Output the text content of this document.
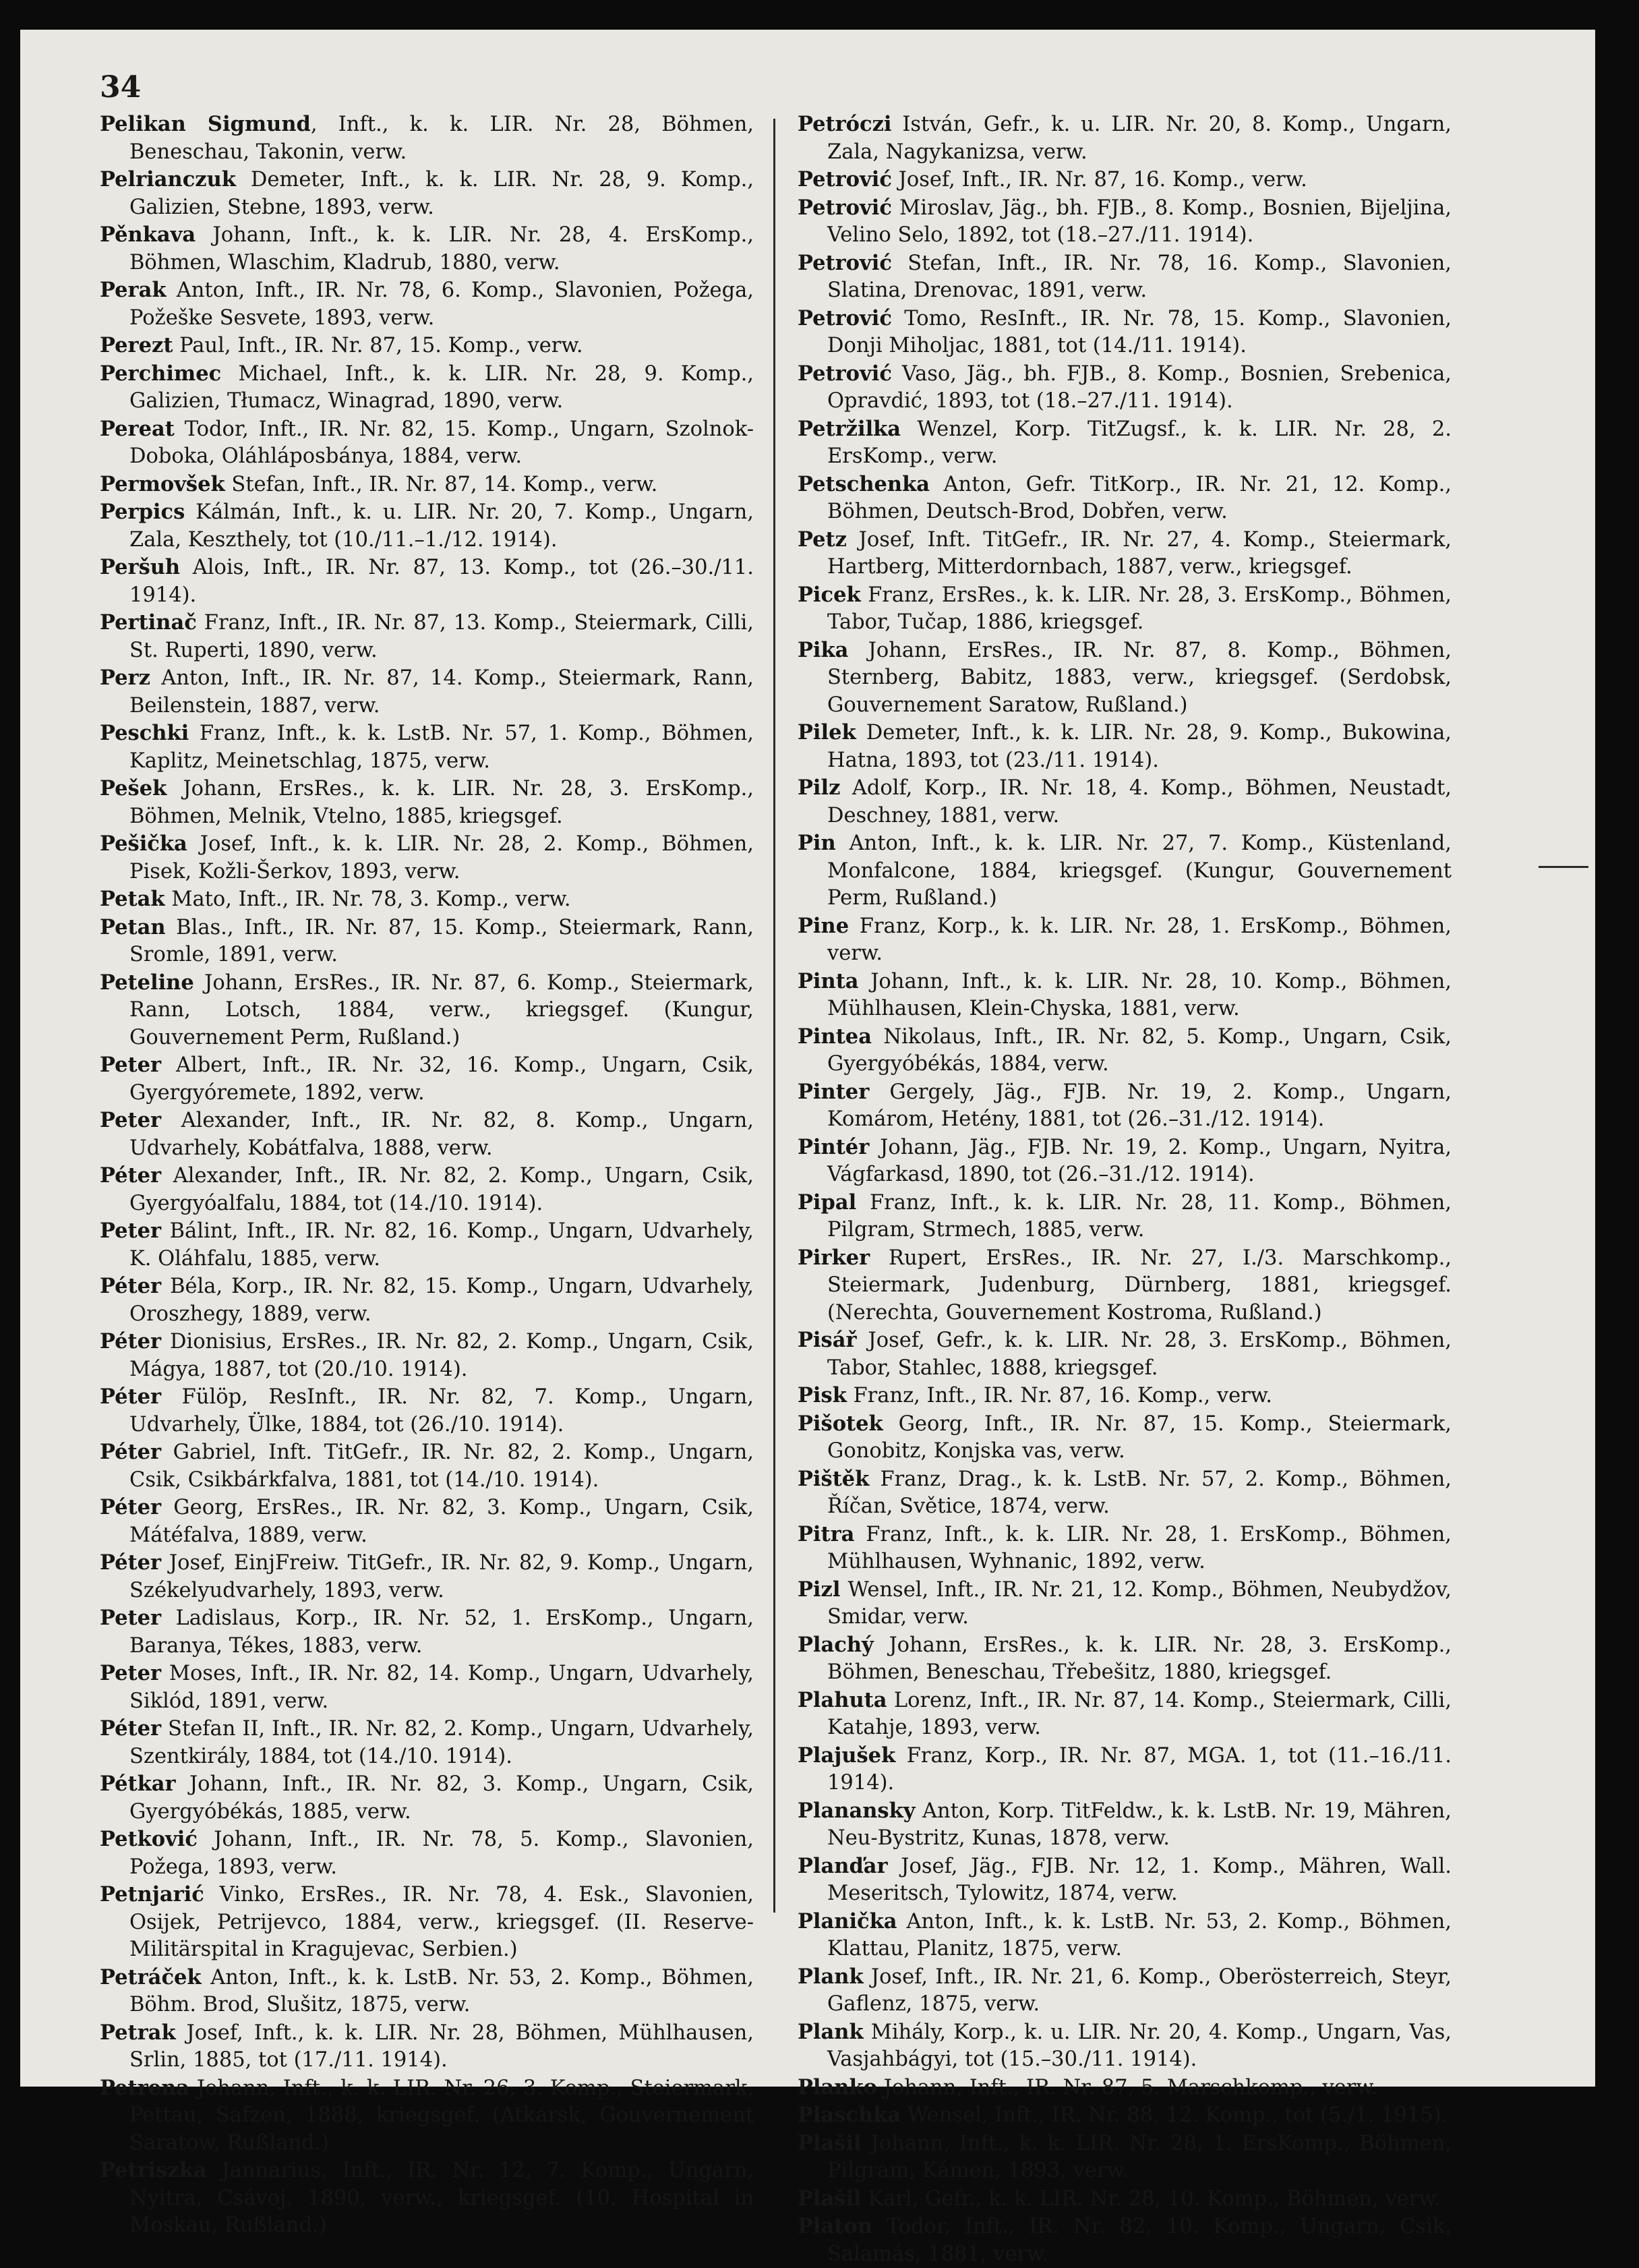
34

Pelikan Sigmund, Inft., k. k. LIR. Nr. 28, Böhmen, Beneschau, Takonin, verw.

Pelrianczuk Demeter, Inft., k. k. LIR. Nr. 28, 9. Komp., Galizien, Stebne, 1893, verw.

Pěnkava Johann, Inft., k. k. LIR. Nr. 28, 4. ErsKomp., Böhmen, Wlaschim, Kladrub, 1880, verw.

Perak Anton, Inft., IR. Nr. 78, 6. Komp., Slavonien, Požega, Požeške Sesvete, 1893, verw.

Perezt Paul, Inft., IR. Nr. 87, 15. Komp., verw.

Perchimec Michael, Inft., k. k. LIR. Nr. 28, 9. Komp., Galizien, Tłumacz, Winagrad, 1890, verw.

Pereat Todor, Inft., IR. Nr. 82, 15. Komp., Ungarn, Szolnok-Doboka, Oláhláposbánya, 1884, verw.

Permovšek Stefan, Inft., IR. Nr. 87, 14. Komp., verw.

Perpics Kálmán, Inft., k. u. LIR. Nr. 20, 7. Komp., Ungarn, Zala, Keszthely, tot (10./11.–1./12. 1914).

Peršuh Alois, Inft., IR. Nr. 87, 13. Komp., tot (26.–30./11. 1914).

Pertinač Franz, Inft., IR. Nr. 87, 13. Komp., Steiermark, Cilli, St. Ruperti, 1890, verw.

Perz Anton, Inft., IR. Nr. 87, 14. Komp., Steiermark, Rann, Beilenstein, 1887, verw.

Peschki Franz, Inft., k. k. LstB. Nr. 57, 1. Komp., Böhmen, Kaplitz, Meinetschlag, 1875, verw.

Pešek Johann, ErsRes., k. k. LIR. Nr. 28, 3. ErsKomp., Böhmen, Melnik, Vtelno, 1885, kriegsgef.

Pešička Josef, Inft., k. k. LIR. Nr. 28, 2. Komp., Böhmen, Pisek, Kožli-Šerkov, 1893, verw.

Petak Mato, Inft., IR. Nr. 78, 3. Komp., verw.

Petan Blas., Inft., IR. Nr. 87, 15. Komp., Steiermark, Rann, Sromle, 1891, verw.

Peteline Johann, ErsRes., IR. Nr. 87, 6. Komp., Steiermark, Rann, Lotsch, 1884, verw., kriegsgef. (Kungur, Gouvernement Perm, Rußland.)

Peter Albert, Inft., IR. Nr. 32, 16. Komp., Ungarn, Csik, Gyergyóremete, 1892, verw.

Peter Alexander, Inft., IR. Nr. 82, 8. Komp., Ungarn, Udvarhely, Kobátfalva, 1888, verw.

Péter Alexander, Inft., IR. Nr. 82, 2. Komp., Ungarn, Csik, Gyergyóalfalu, 1884, tot (14./10. 1914).

Peter Bálint, Inft., IR. Nr. 82, 16. Komp., Ungarn, Udvarhely, K. Oláhfalu, 1885, verw.

Péter Béla, Korp., IR. Nr. 82, 15. Komp., Ungarn, Udvarhely, Oroszhegy, 1889, verw.

Péter Dionisius, ErsRes., IR. Nr. 82, 2. Komp., Ungarn, Csik, Mágya, 1887, tot (20./10. 1914).

Péter Fülöp, ResInft., IR. Nr. 82, 7. Komp., Ungarn, Udvarhely, Ülke, 1884, tot (26./10. 1914).

Péter Gabriel, Inft. TitGefr., IR. Nr. 82, 2. Komp., Ungarn, Csik, Csikbárkfalva, 1881, tot (14./10. 1914).

Péter Georg, ErsRes., IR. Nr. 82, 3. Komp., Ungarn, Csik, Mátéfalva, 1889, verw.

Péter Josef, EinjFreiw. TitGefr., IR. Nr. 82, 9. Komp., Ungarn, Székelyudvarhely, 1893, verw.

Peter Ladislaus, Korp., IR. Nr. 52, 1. ErsKomp., Ungarn, Baranya, Tékes, 1883, verw.

Peter Moses, Inft., IR. Nr. 82, 14. Komp., Ungarn, Udvarhely, Siklód, 1891, verw.

Péter Stefan II, Inft., IR. Nr. 82, 2. Komp., Ungarn, Udvarhely, Szentkirály, 1884, tot (14./10. 1914).

Pétkar Johann, Inft., IR. Nr. 82, 3. Komp., Ungarn, Csik, Gyergyóbékás, 1885, verw.

Petković Johann, Inft., IR. Nr. 78, 5. Komp., Slavonien, Požega, 1893, verw.

Petnjarić Vinko, ErsRes., IR. Nr. 78, 4. Esk., Slavonien, Osijek, Petrijevco, 1884, verw., kriegsgef. (II. Reserve-Militärspital in Kragujevac, Serbien.)

Petráček Anton, Inft., k. k. LstB. Nr. 53, 2. Komp., Böhmen, Böhm. Brod, Slušitz, 1875, verw.

Petrak Josef, Inft., k. k. LIR. Nr. 28, Böhmen, Mühlhausen, Srlin, 1885, tot (17./11. 1914).

Petrena Johann, Inft., k. k. LIR. Nr. 26, 3. Komp., Steiermark, Pettau, Safzen, 1888, kriegsgef. (Atkarsk, Gouvernement Saratow, Rußland.)

Petriszka Jannarius, Inft., IR. Nr. 12, 7. Komp., Ungarn, Nyitra, Csávoj, 1890, verw., kriegsgef. (10. Hospital in Moskau, Rußland.)

Petróczi István, Gefr., k. u. LIR. Nr. 20, 8. Komp., Ungarn, Zala, Nagykanizsa, verw.

Petrović Josef, Inft., IR. Nr. 87, 16. Komp., verw.

Petrović Miroslav, Jäg., bh. FJB., 8. Komp., Bosnien, Bijeljina, Velino Selo, 1892, tot (18.–27./11. 1914).

Petrović Stefan, Inft., IR. Nr. 78, 16. Komp., Slavonien, Slatina, Drenovac, 1891, verw.

Petrović Tomo, ResInft., IR. Nr. 78, 15. Komp., Slavonien, Donji Miholjac, 1881, tot (14./11. 1914).

Petrović Vaso, Jäg., bh. FJB., 8. Komp., Bosnien, Srebenica, Opravdić, 1893, tot (18.–27./11. 1914).

Petržilka Wenzel, Korp. TitZugsf., k. k. LIR. Nr. 28, 2. ErsKomp., verw.

Petschenka Anton, Gefr. TitKorp., IR. Nr. 21, 12. Komp., Böhmen, Deutsch-Brod, Dobřen, verw.

Petz Josef, Inft. TitGefr., IR. Nr. 27, 4. Komp., Steiermark, Hartberg, Mitterdornbach, 1887, verw., kriegsgef.

Picek Franz, ErsRes., k. k. LIR. Nr. 28, 3. ErsKomp., Böhmen, Tabor, Tučap, 1886, kriegsgef.

Pika Johann, ErsRes., IR. Nr. 87, 8. Komp., Böhmen, Sternberg, Babitz, 1883, verw., kriegsgef. (Serdobsk, Gouvernement Saratow, Rußland.)

Pilek Demeter, Inft., k. k. LIR. Nr. 28, 9. Komp., Bukowina, Hatna, 1893, tot (23./11. 1914).

Pilz Adolf, Korp., IR. Nr. 18, 4. Komp., Böhmen, Neustadt, Deschney, 1881, verw.

Pin Anton, Inft., k. k. LIR. Nr. 27, 7. Komp., Küstenland, Monfalcone, 1884, kriegsgef. (Kungur, Gouvernement Perm, Rußland.)

Pine Franz, Korp., k. k. LIR. Nr. 28, 1. ErsKomp., Böhmen, verw.

Pinta Johann, Inft., k. k. LIR. Nr. 28, 10. Komp., Böhmen, Mühlhausen, Klein-Chyska, 1881, verw.

Pintea Nikolaus, Inft., IR. Nr. 82, 5. Komp., Ungarn, Csik, Gyergyóbékás, 1884, verw.

Pinter Gergely, Jäg., FJB. Nr. 19, 2. Komp., Ungarn, Komárom, Hetény, 1881, tot (26.–31./12. 1914).

Pintér Johann, Jäg., FJB. Nr. 19, 2. Komp., Ungarn, Nyitra, Vágfarkasd, 1890, tot (26.–31./12. 1914).

Pipal Franz, Inft., k. k. LIR. Nr. 28, 11. Komp., Böhmen, Pilgram, Strmech, 1885, verw.

Pirker Rupert, ErsRes., IR. Nr. 27, I./3. Marschkomp., Steiermark, Judenburg, Dürnberg, 1881, kriegsgef. (Nerechta, Gouvernement Kostroma, Rußland.)

Pisář Josef, Gefr., k. k. LIR. Nr. 28, 3. ErsKomp., Böhmen, Tabor, Stahlec, 1888, kriegsgef.

Pisk Franz, Inft., IR. Nr. 87, 16. Komp., verw.

Pišotek Georg, Inft., IR. Nr. 87, 15. Komp., Steiermark, Gonobitz, Konjska vas, verw.

Pištěk Franz, Drag., k. k. LstB. Nr. 57, 2. Komp., Böhmen, Říčan, Světice, 1874, verw.

Pitra Franz, Inft., k. k. LIR. Nr. 28, 1. ErsKomp., Böhmen, Mühlhausen, Wyhnanic, 1892, verw.

Pizl Wensel, Inft., IR. Nr. 21, 12. Komp., Böhmen, Neubydžov, Smidar, verw.

Plachý Johann, ErsRes., k. k. LIR. Nr. 28, 3. ErsKomp., Böhmen, Beneschau, Třebešitz, 1880, kriegsgef.

Plahuta Lorenz, Inft., IR. Nr. 87, 14. Komp., Steiermark, Cilli, Katahje, 1893, verw.

Plajušek Franz, Korp., IR. Nr. 87, MGA. 1, tot (11.–16./11. 1914).

Planansky Anton, Korp. TitFeldw., k. k. LstB. Nr. 19, Mähren, Neu-Bystritz, Kunas, 1878, verw.

Planďar Josef, Jäg., FJB. Nr. 12, 1. Komp., Mähren, Wall. Meseritsch, Tylowitz, 1874, verw.

Planička Anton, Inft., k. k. LstB. Nr. 53, 2. Komp., Böhmen, Klattau, Planitz, 1875, verw.

Plank Josef, Inft., IR. Nr. 21, 6. Komp., Oberösterreich, Steyr, Gaflenz, 1875, verw.

Plank Mihály, Korp., k. u. LIR. Nr. 20, 4. Komp., Ungarn, Vas, Vasjahbágyi, tot (15.–30./11. 1914).

Planko Johann, Inft., IR. Nr. 87, 5. Marschkomp., verw.

Plaschka Wensel, Inft., IR. Nr. 88, 12. Komp., tot (5./1. 1915).

Plašil Johann, Inft., k. k. LIR. Nr. 28, 1. ErsKomp., Böhmen, Pilgram, Kámen, 1893, verw.

Plašil Karl, Gefr., k. k. LIR. Nr. 28, 10. Komp., Böhmen, verw.

Platon Todor, Inft., IR. Nr. 82, 10. Komp., Ungarn, Csik, Salamás, 1881, verw.
